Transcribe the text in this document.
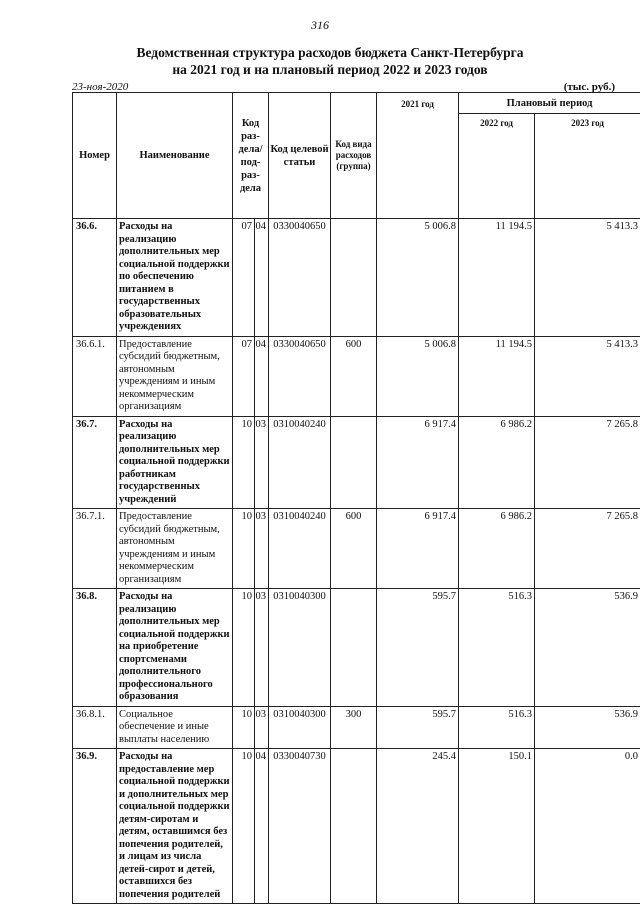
316
Ведомственная структура расходов бюджета Санкт-Петербурга
на 2021 год и на плановый период 2022 и 2023 годов
23-ноя-2020	(тыс. руб.)
Номер	Наименование	Код раз- дела/ под- раз- дела		Код целевой статьи	Код вида расходов (группа)	2021 год	Плановый период	
							2022 год	2023 год
36.6.	Расходы на реализацию дополнительных мер социальной поддержки по обеспечению питанием в государственных образовательных учреждениях	07	04	0330040650		5 006.8	11 194.5	5 413.3
36.6.1.	Предоставление субсидий бюджетным, автономным учреждениям и иным некоммерческим организациям	07	04	0330040650	600	5 006.8	11 194.5	5 413.3
36.7.	Расходы на реализацию дополнительных мер социальной поддержки работникам государственных учреждений	10	03	0310040240		6 917.4	6 986.2	7 265.8
36.7.1.	Предоставление субсидий бюджетным, автономным учреждениям и иным некоммерческим организациям	10	03	0310040240	600	6 917.4	6 986.2	7 265.8
36.8.	Расходы на реализацию дополнительных мер социальной поддержки на приобретение спортсменами дополнительного профессионального образования	10	03	0310040300		595.7	516.3	536.9
36.8.1.	Социальное обеспечение и иные выплаты населению	10	03	0310040300	300	595.7	516.3	536.9
36.9.	Расходы на предоставление мер социальной поддержки и дополнительных мер социальной поддержки детям-сиротам и детям, оставшимся без попечения родителей, и лицам из числа детей-сирот и детей, оставшихся без попечения родителей	10	04	0330040730		245.4	150.1	0.0
